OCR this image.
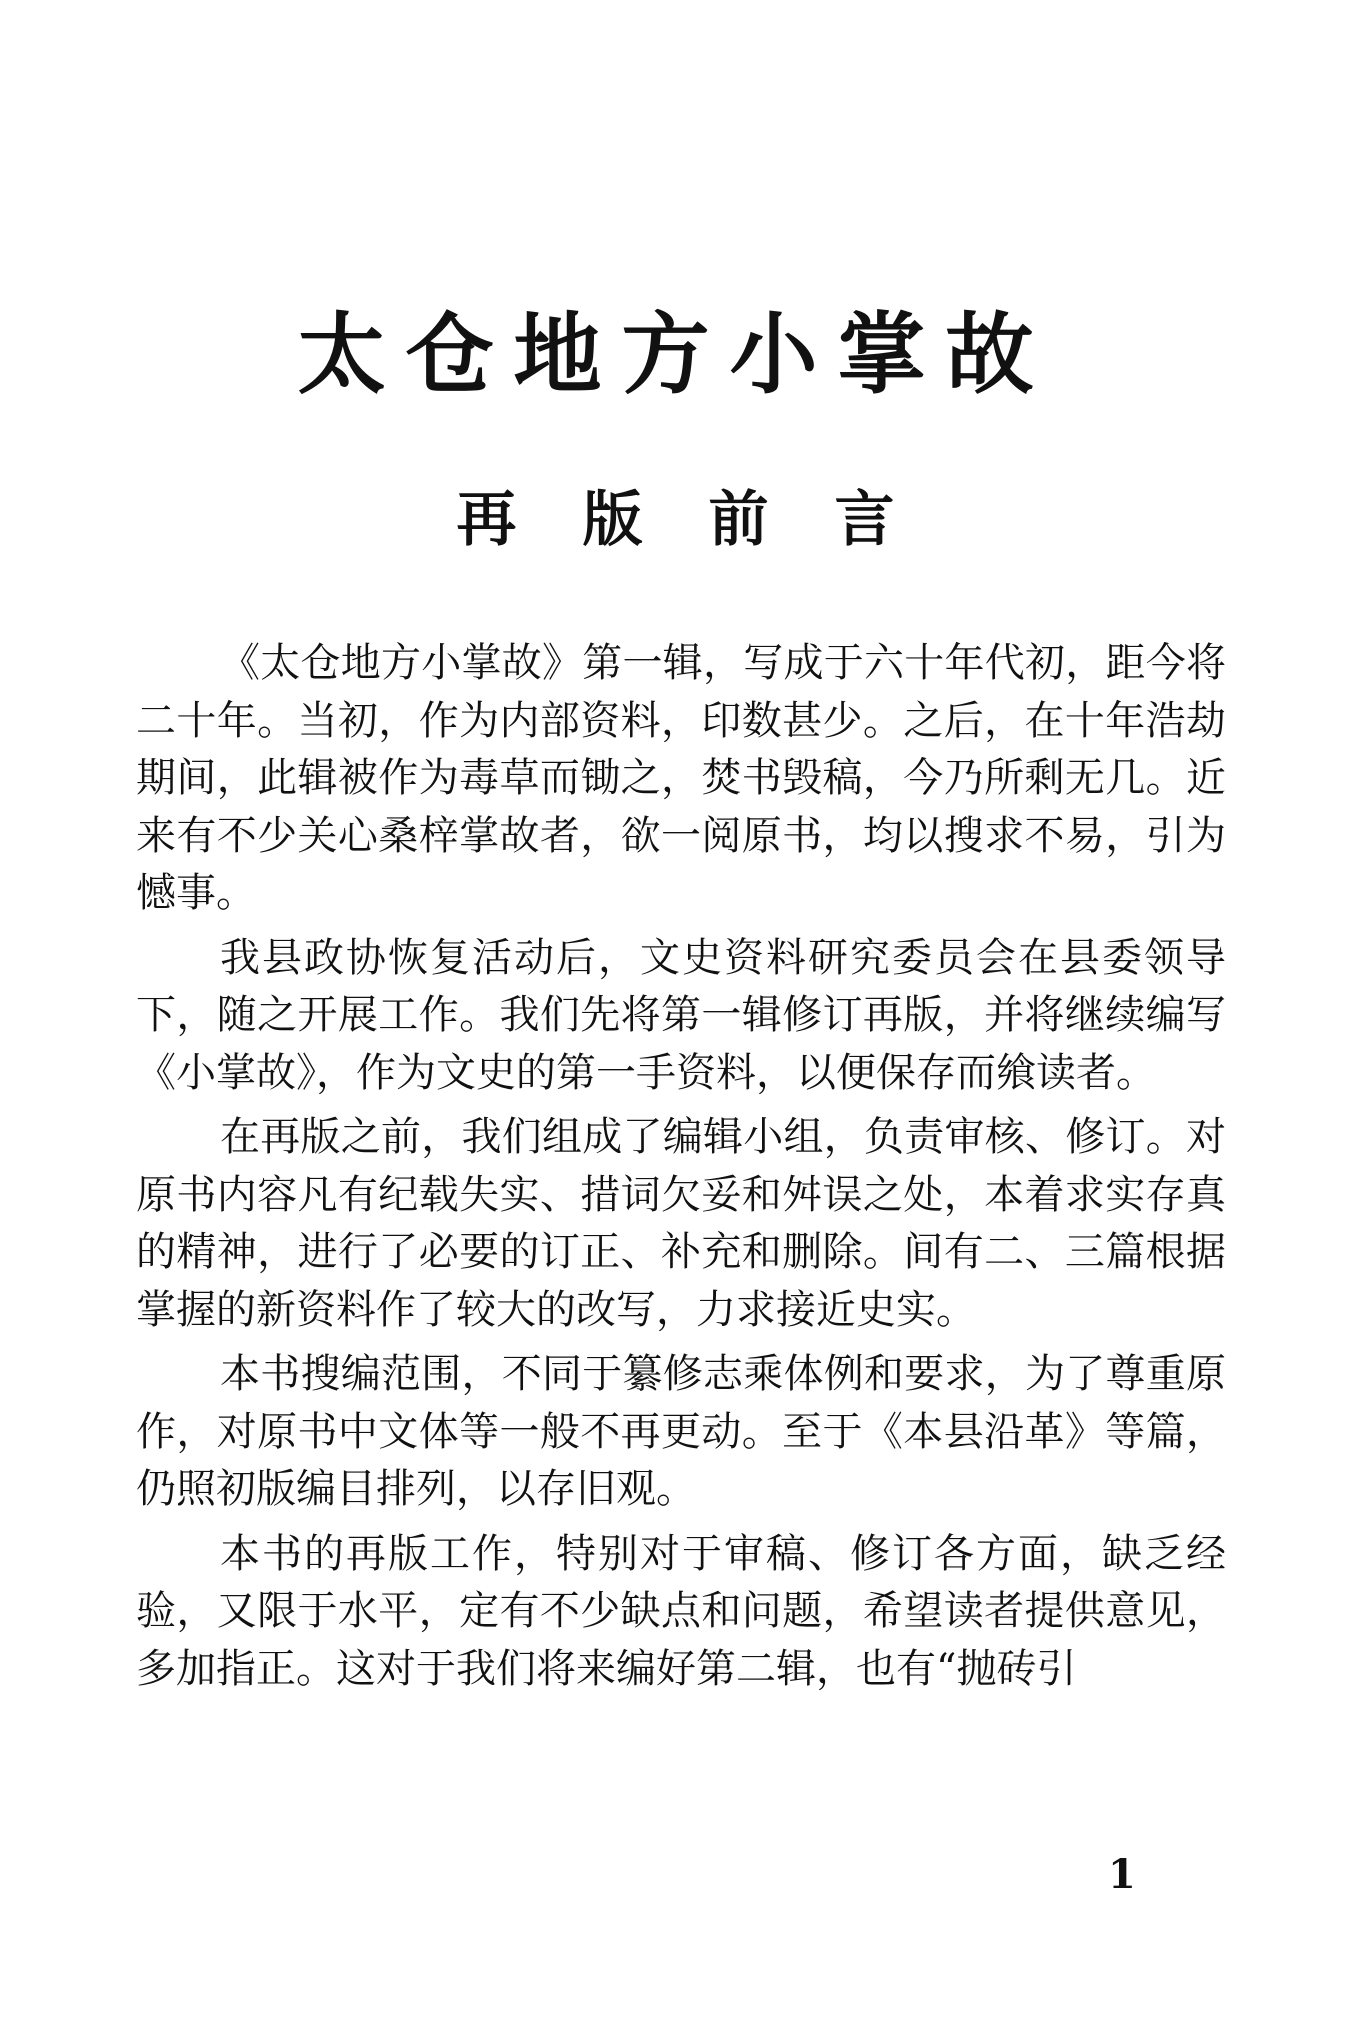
太仓地方小掌故
再版前言

《太仓地方小掌故》第一辑，写成于六十年代初，距今将二十年。当初，作为内部资料，印数甚少。之后，在十年浩劫期间，此辑被作为毒草而锄之，焚书毁稿，今乃所剩无几。近来有不少关心桑梓掌故者，欲一阅原书，均以搜求不易，引为憾事。

我县政协恢复活动后，文史资料研究委员会在县委领导下，随之开展工作。我们先将第一辑修订再版，并将继续编写《小掌故》，作为文史的第一手资料，以便保存而飨读者。

在再版之前，我们组成了编辑小组，负责审核、修订。对原书内容凡有纪载失实、措词欠妥和舛误之处，本着求实存真的精神，进行了必要的订正、补充和删除。间有二、三篇根据掌握的新资料作了较大的改写，力求接近史实。

本书搜编范围，不同于纂修志乘体例和要求，为了尊重原作，对原书中文体等一般不再更动。至于《本县沿革》等篇，仍照初版编目排列，以存旧观。

本书的再版工作，特别对于审稿、修订各方面，缺乏经验，又限于水平，定有不少缺点和问题，希望读者提供意见，多加指正。这对于我们将来编好第二辑，也有“抛砖引

1
